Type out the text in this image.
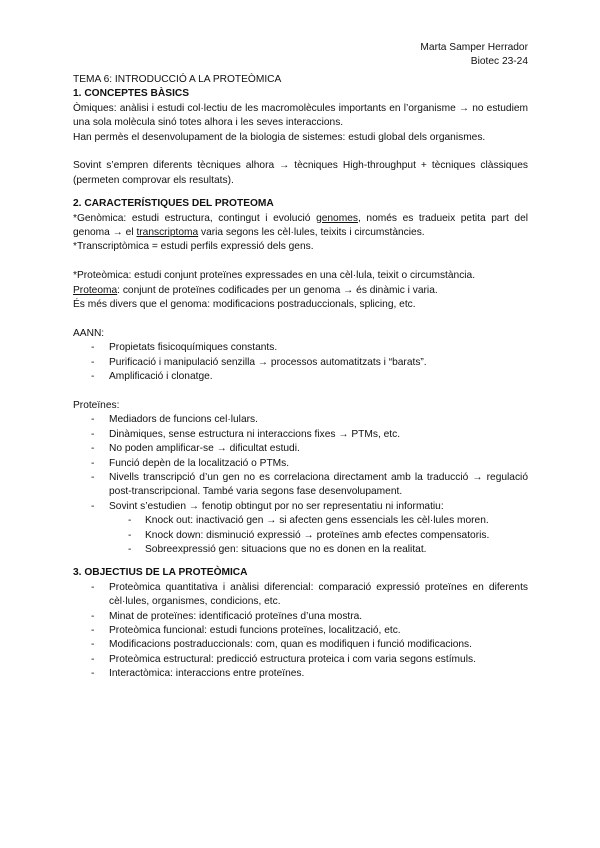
Marta Samper Herrador
Biotec 23-24

TEMA 6: INTRODUCCIÓ A LA PROTEÒMICA

1. CONCEPTES BÀSICS

Òmiques: anàlisi i estudi col·lectiu de les macromolècules importants en l’organisme → no estudiem una sola molècula sinó totes alhora i les seves interaccions.

Han permès el desenvolupament de la biologia de sistemes: estudi global dels organismes.

Sovint s’empren diferents tècniques alhora → tècniques High-throughput + tècniques clàssiques (permeten comprovar els resultats).

2. CARACTERÍSTIQUES DEL PROTEOMA

*Genòmica: estudi estructura, contingut i evolució genomes, només es tradueix petita part del genoma → el transcriptoma varia segons les cèl·lules, teixits i circumstàncies.

*Transcriptòmica = estudi perfils expressió dels gens.

*Proteòmica: estudi conjunt proteïnes expressades en una cèl·lula, teixit o circumstància.

Proteoma: conjunt de proteïnes codificades per un genoma → és dinàmic i varia.

És més divers que el genoma: modificacions postraduccionals, splicing, etc.

AANN:

- Propietats fisicoquímiques constants.
- Purificació i manipulació senzilla → processos automatitzats i “barats”.
- Amplificació i clonatge.

Proteïnes:

- Mediadors de funcions cel·lulars.
- Dinàmiques, sense estructura ni interaccions fixes → PTMs, etc.
- No poden amplificar-se → dificultat estudi.
- Funció depèn de la localització o PTMs.
- Nivells transcripció d’un gen no es correlaciona directament amb la traducció → regulació post-transcripcional. També varia segons fase desenvolupament.
- Sovint s’estudien → fenotip obtingut por no ser representatiu ni informatiu:
- Knock out: inactivació gen → si afecten gens essencials les cèl·lules moren.
- Knock down: disminució expressió → proteïnes amb efectes compensatoris.
- Sobreexpressió gen: situacions que no es donen en la realitat.

3. OBJECTIUS DE LA PROTEÒMICA

- Proteòmica quantitativa i anàlisi diferencial: comparació expressió proteïnes en diferents cèl·lules, organismes, condicions, etc.
- Minat de proteïnes: identificació proteïnes d’una mostra.
- Proteòmica funcional: estudi funcions proteïnes, localització, etc.
- Modificacions postraduccionals: com, quan es modifiquen i funció modificacions.
- Proteòmica estructural: predicció estructura proteica i com varia segons estímuls.
- Interactòmica: interaccions entre proteïnes.
